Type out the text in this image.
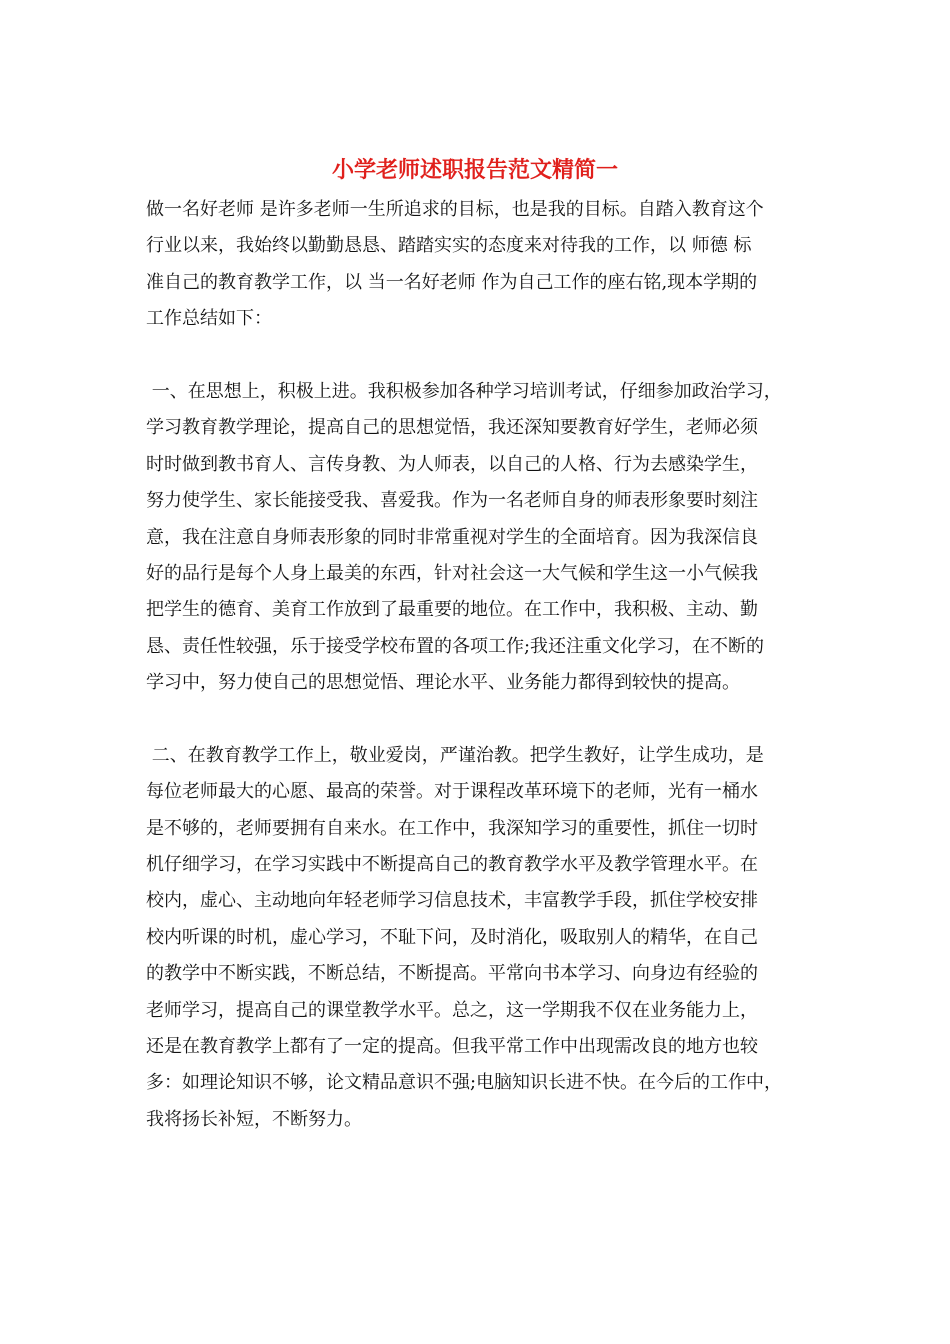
小学老师述职报告范文精简一
做一名好老师 是许多老师一生所追求的目标，也是我的目标。自踏入教育这个
行业以来，我始终以勤勤恳恳、踏踏实实的态度来对待我的工作，以 师德 标
准自己的教育教学工作，以 当一名好老师 作为自己工作的座右铭,现本学期的
工作总结如下：
一、在思想上，积极上进。我积极参加各种学习培训考试，仔细参加政治学习，
学习教育教学理论，提高自己的思想觉悟，我还深知要教育好学生，老师必须
时时做到教书育人、言传身教、为人师表，以自己的人格、行为去感染学生，
努力使学生、家长能接受我、喜爱我。作为一名老师自身的师表形象要时刻注
意，我在注意自身师表形象的同时非常重视对学生的全面培育。因为我深信良
好的品行是每个人身上最美的东西，针对社会这一大气候和学生这一小气候我
把学生的德育、美育工作放到了最重要的地位。在工作中，我积极、主动、勤
恳、责任性较强，乐于接受学校布置的各项工作;我还注重文化学习，在不断的
学习中，努力使自己的思想觉悟、理论水平、业务能力都得到较快的提高。
二、在教育教学工作上，敬业爱岗，严谨治教。把学生教好，让学生成功，是
每位老师最大的心愿、最高的荣誉。对于课程改革环境下的老师，光有一桶水
是不够的，老师要拥有自来水。在工作中，我深知学习的重要性，抓住一切时
机仔细学习，在学习实践中不断提高自己的教育教学水平及教学管理水平。在
校内，虚心、主动地向年轻老师学习信息技术，丰富教学手段，抓住学校安排
校内听课的时机，虚心学习，不耻下问，及时消化，吸取别人的精华，在自己
的教学中不断实践，不断总结，不断提高。平常向书本学习、向身边有经验的
老师学习，提高自己的课堂教学水平。总之，这一学期我不仅在业务能力上，
还是在教育教学上都有了一定的提高。但我平常工作中出现需改良的地方也较
多：如理论知识不够，论文精品意识不强;电脑知识长进不快。在今后的工作中，
我将扬长补短，不断努力。
